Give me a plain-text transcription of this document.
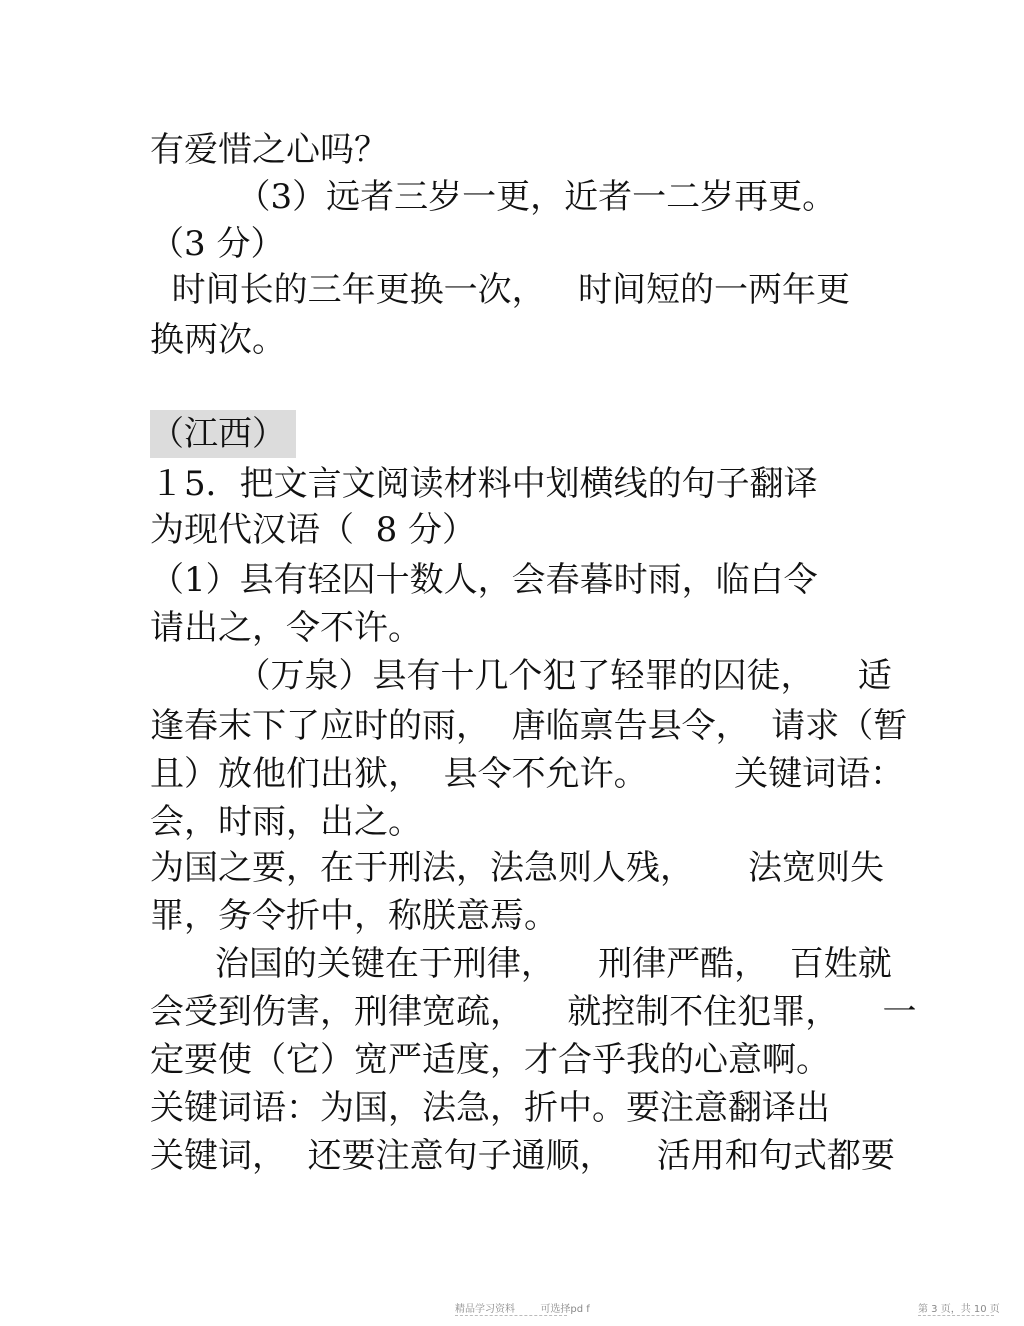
有爱惜之心吗？

（3）远者三岁一更，近者一二岁再更。

（3 分）

时间长的三年更换一次，   时间短的一两年更

换两次。

（江西）

１5．把文言文阅读材料中划横线的句子翻译

为现代汉语（  8 分）

（1）县有轻囚十数人，会春暮时雨，临白令

请出之，令不许。

（万泉）县有十几个犯了轻罪的囚徒，    适

逢春末下了应时的雨，  唐临禀告县令，  请求（暂

且）放他们出狱，  县令不允许。        关键词语：

会，时雨，出之。

为国之要，在于刑法，法急则人残，     法宽则失

罪，务令折中，称朕意焉。

治国的关键在于刑律，    刑律严酷，  百姓就

会受到伤害，刑律宽疏，    就控制不住犯罪，    一

定要使（它）宽严适度，才合乎我的心意啊。

关键词语：为国，法急，折中。要注意翻译出

关键词，  还要注意句子通顺，    活用和句式都要

精品学习资料        可选择pd f	第 3 页，共 10 页
